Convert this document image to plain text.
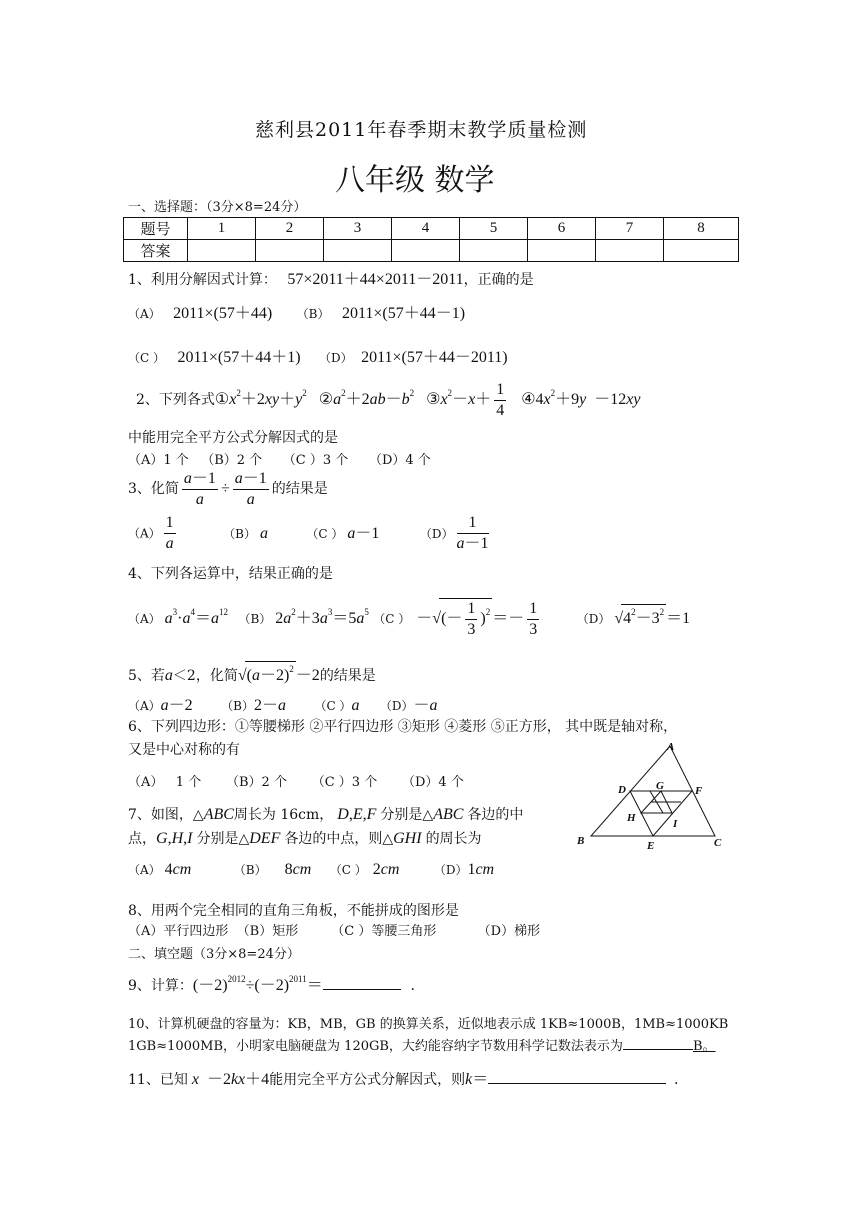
慈利县2011年春季期末教学质量检测
八年级 数学
一、选择题：（3分×8=24分）
题号	1	2	3	4	5	6	7	8
答案								
1、利用分解因式计算： 57×2011＋44×2011－2011，正确的是
（A） 2011×(57＋44) （B） 2011×(57＋44－1)
（C ） 2011×(57＋44＋1) （D） 2011×(57＋44－2011)
2、下列各式$①x^2+2xy+y^2$   $②a^2+2ab-b^2$   $③x^2-x+ \frac{1}{4}$ $④4x^2+9y -12xy$
中能用完全平方公式分解因式的是
（A）1 个   （B）2 个     （C ）3 个     （D）4 个
3、化简 $\frac{a-1}{a} \div \frac{a-1}{a}$ 的结果是
$(A) \frac{1}{a}$	（B） a	（C ） a－1	$(D) \frac{1}{a-1}$
4、下列各运算中，结果正确的是
（A） $a^3\cdot a^4=a^{12}$ （B） $2a^2+3a^3=5a^5$ （C ） －√(－ $\frac{1}{3} )^2 =- \frac{1}{3}$	（D） $√4^2-3^2 =1$
5、若a＜2，化简$√(a-2)^2 -2$的结果是
（A）a－2 （B）2－a （C ）a （D）－a
6、下列四边形：①等腰梯形 ②平行四边形 ③矩形 ④菱形 ⑤正方形， 其中既是轴对称，
又是中心对称的有
（A）   1 个      （B）2 个      （C ）3 个      （D）4 个
7、如图，△ABC周长为 16cm， D,E,F 分别是△ABC 各边的中
点，G,H,I 分别是△DEF 各边的中点，则△GHI 的周长为
（A） 4cm	（B） 8cm （C ） 2cm	（D）1cm
A
B	C
D
E
F
G
H	I
8、用两个完全相同的直角三角板，不能拼成的图形是
（A）平行四边形  （B）矩形        （C ）等腰三角形          （D）梯形
二、填空题（3分×8=24分）
9、计算：$(-2)^{2012}\div(-2)^{2011}=$	.
10、计算机硬盘的容量为：KB，MB，GB 的换算关系，近似地表示成 1KB≈1000B，1MB≈1000KB
1GB≈1000MB，小明家电脑硬盘为 120GB，大约能容纳字节数用科学记数法表示为	B。
11、已知 x  －2kx＋4能用完全平方公式分解因式，则k＝	.
